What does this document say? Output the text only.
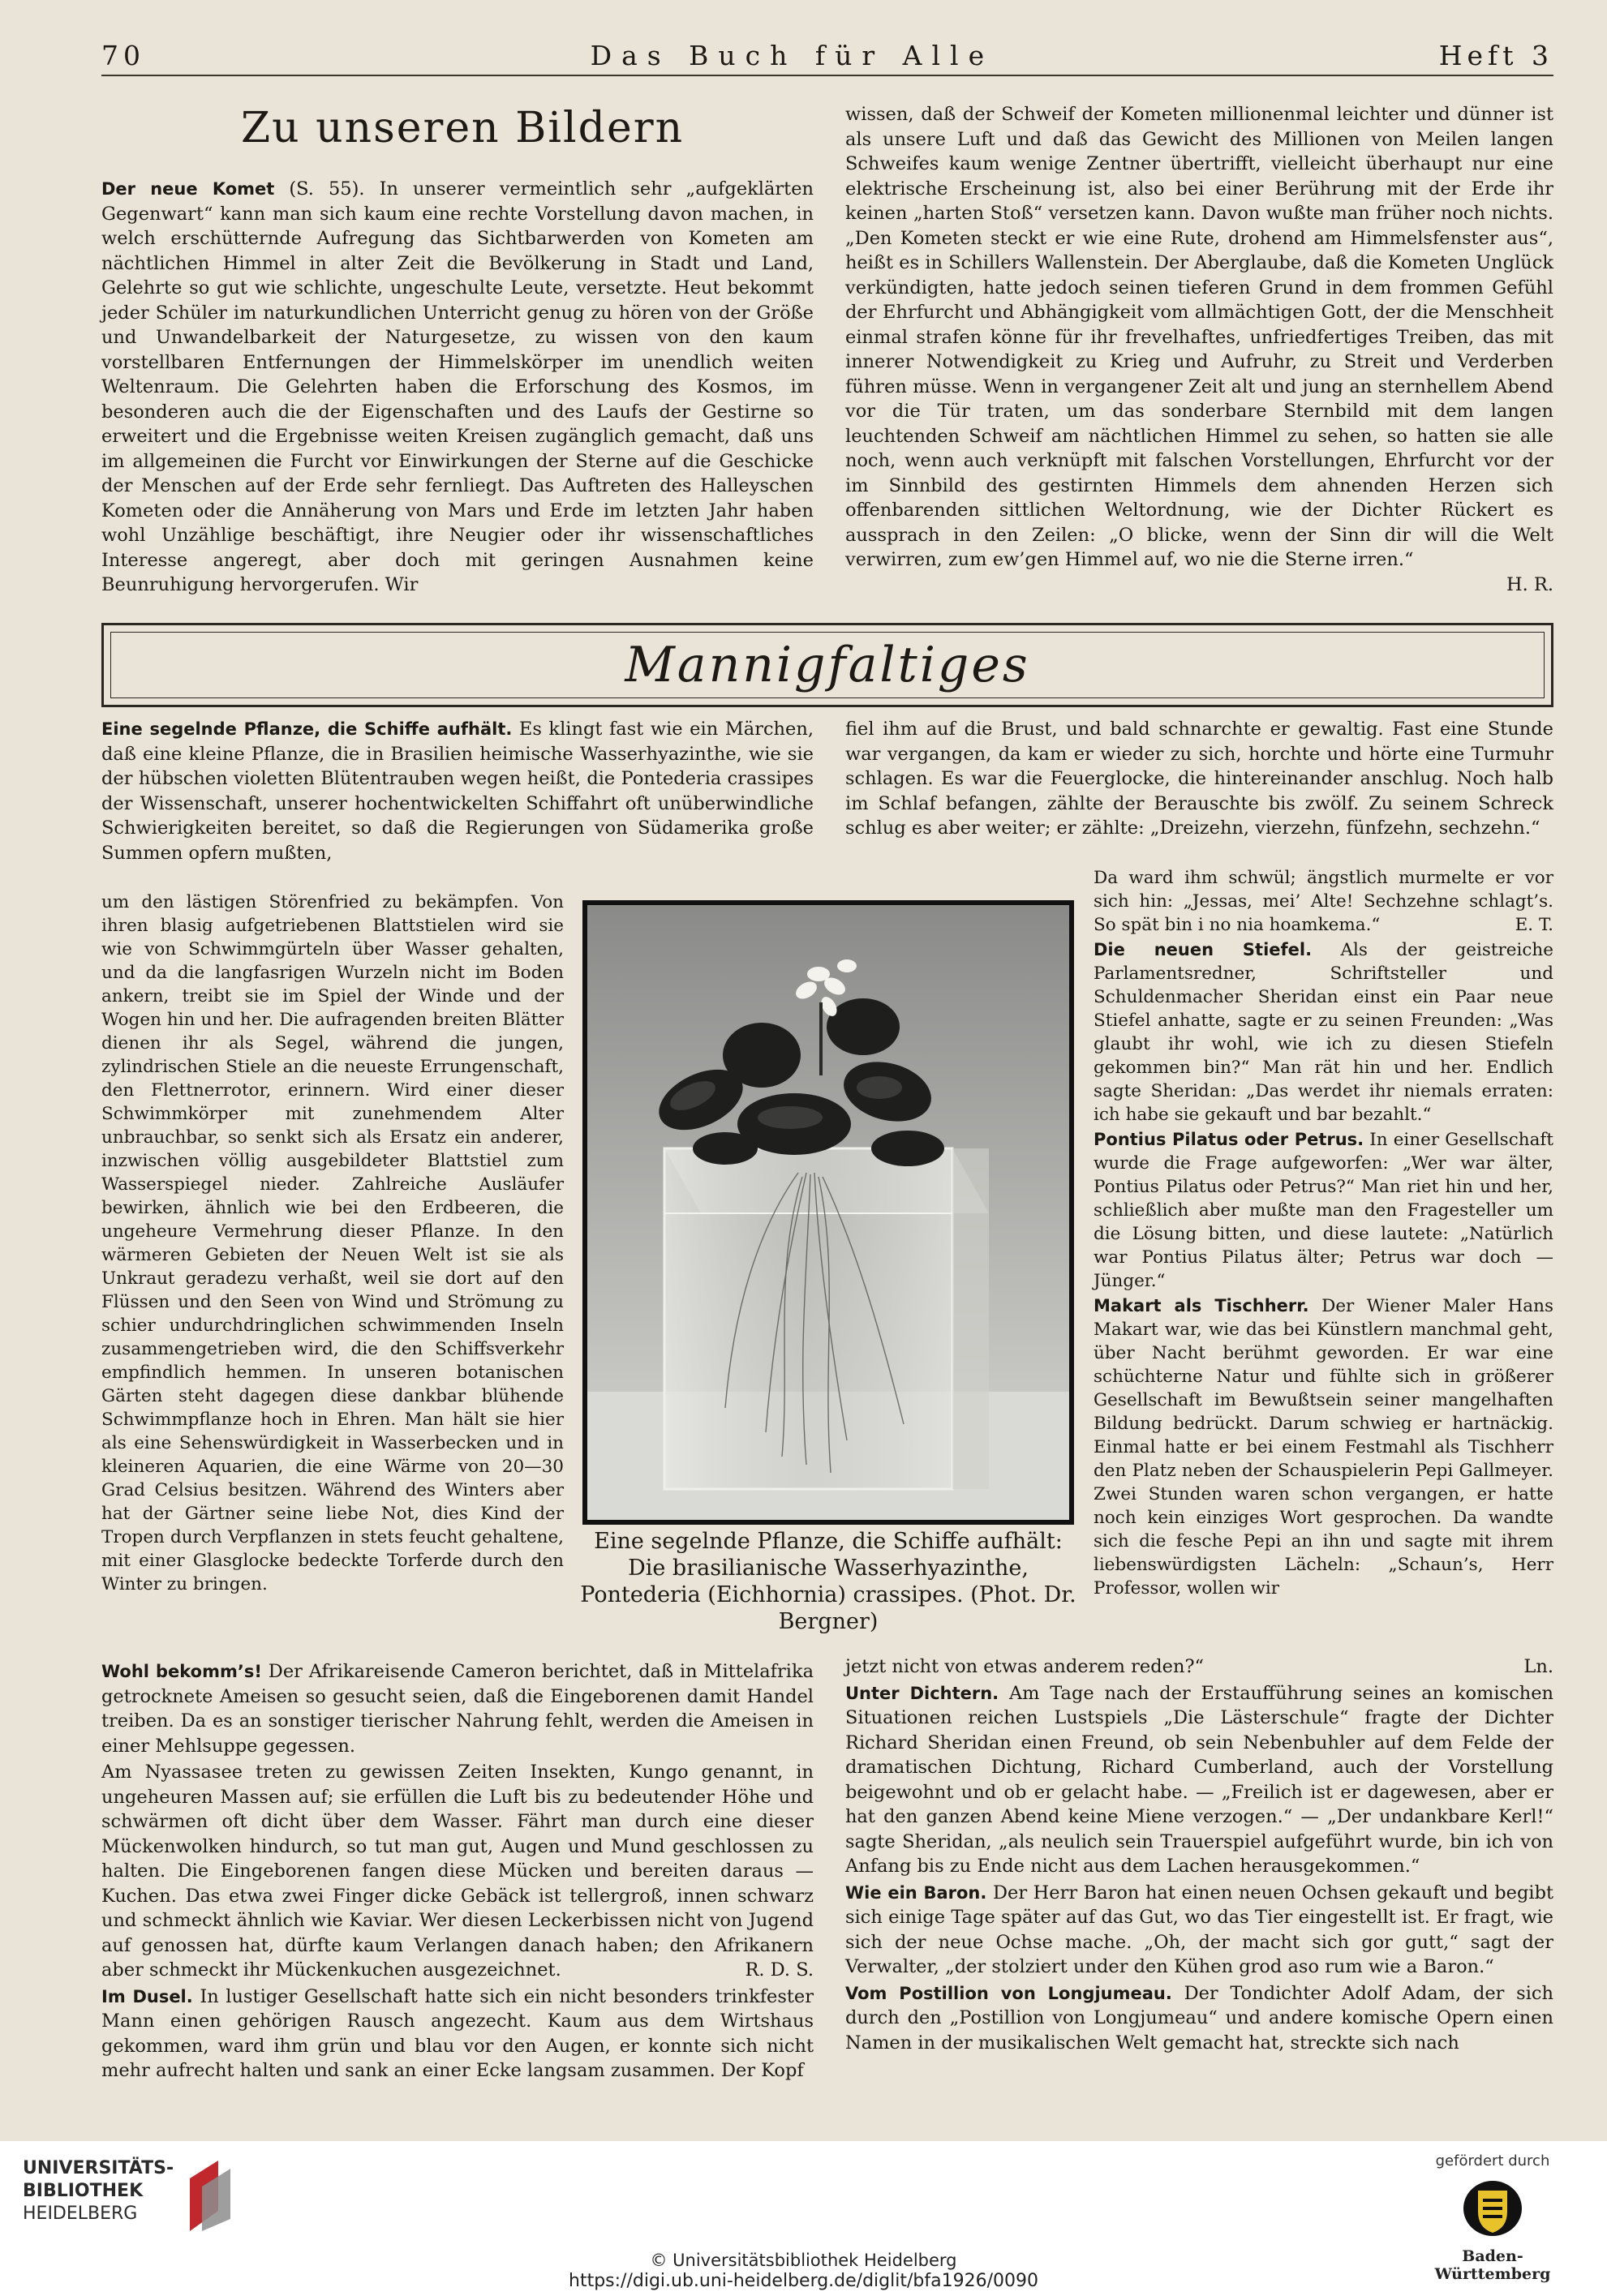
70	Das Buch für Alle	Heft 3
Zu unseren Bildern

Der neue Komet (S. 55). In unserer vermeintlich sehr „aufgeklärten Gegenwart“ kann man sich kaum eine rechte Vorstellung davon machen, in welch erschütternde Aufregung das Sichtbarwerden von Kometen am nächtlichen Himmel in alter Zeit die Bevölkerung in Stadt und Land, Gelehrte so gut wie schlichte, ungeschulte Leute, versetzte. Heut bekommt jeder Schüler im naturkundlichen Unterricht genug zu hören von der Größe und Unwandelbarkeit der Naturgesetze, zu wissen von den kaum vorstellbaren Entfernungen der Himmelskörper im unendlich weiten Weltenraum. Die Gelehrten haben die Erforschung des Kosmos, im besonderen auch die der Eigenschaften und des Laufs der Gestirne so erweitert und die Ergebnisse weiten Kreisen zugänglich gemacht, daß uns im allgemeinen die Furcht vor Einwirkungen der Sterne auf die Geschicke der Menschen auf der Erde sehr fernliegt. Das Auftreten des Halleyschen Kometen oder die Annäherung von Mars und Erde im letzten Jahr haben wohl Unzählige beschäftigt, ihre Neugier oder ihr wissenschaftliches Interesse angeregt, aber doch mit geringen Ausnahmen keine Beunruhigung hervorgerufen. Wir

wissen, daß der Schweif der Kometen millionenmal leichter und dünner ist als unsere Luft und daß das Gewicht des Millionen von Meilen langen Schweifes kaum wenige Zentner übertrifft, vielleicht überhaupt nur eine elektrische Erscheinung ist, also bei einer Berührung mit der Erde ihr keinen „harten Stoß“ versetzen kann. Davon wußte man früher noch nichts. „Den Kometen steckt er wie eine Rute, drohend am Himmelsfenster aus“, heißt es in Schillers Wallenstein. Der Aberglaube, daß die Kometen Unglück verkündigten, hatte jedoch seinen tieferen Grund in dem frommen Gefühl der Ehrfurcht und Abhängigkeit vom allmächtigen Gott, der die Menschheit einmal strafen könne für ihr frevelhaftes, unfriedfertiges Treiben, das mit innerer Notwendigkeit zu Krieg und Aufruhr, zu Streit und Verderben führen müsse. Wenn in vergangener Zeit alt und jung an sternhellem Abend vor die Tür traten, um das sonderbare Sternbild mit dem langen leuchtenden Schweif am nächtlichen Himmel zu sehen, so hatten sie alle noch, wenn auch verknüpft mit falschen Vorstellungen, Ehrfurcht vor der im Sinnbild des gestirnten Himmels dem ahnenden Herzen sich offenbarenden sittlichen Weltordnung, wie der Dichter Rückert es aussprach in den Zeilen: „O blicke, wenn der Sinn dir will die Welt verwirren, zum ew’gen Himmel auf, wo nie die Sterne irren.“
H. R.

Mannigfaltiges

Eine segelnde Pflanze, die Schiffe aufhält. Es klingt fast wie ein Märchen, daß eine kleine Pflanze, die in Brasilien heimische Wasserhyazinthe, wie sie der hübschen violetten Blütentrauben wegen heißt, die Pontederia crassipes der Wissenschaft, unserer hochentwickelten Schiffahrt oft unüberwindliche Schwierigkeiten bereitet, so daß die Regierungen von Südamerika große Summen opfern mußten,

um den lästigen Störenfried zu bekämpfen. Von ihren blasig aufgetriebenen Blattstielen wird sie wie von Schwimmgürteln über Wasser gehalten, und da die langfasrigen Wurzeln nicht im Boden ankern, treibt sie im Spiel der Winde und der Wogen hin und her. Die aufragenden breiten Blätter dienen ihr als Segel, während die jungen, zylindrischen Stiele an die neueste Errungenschaft, den Flettnerrotor, erinnern. Wird einer dieser Schwimmkörper mit zunehmendem Alter unbrauchbar, so senkt sich als Ersatz ein anderer, inzwischen völlig ausgebildeter Blattstiel zum Wasserspiegel nieder. Zahlreiche Ausläufer bewirken, ähnlich wie bei den Erdbeeren, die ungeheure Vermehrung dieser Pflanze. In den wärmeren Gebieten der Neuen Welt ist sie als Unkraut geradezu verhaßt, weil sie dort auf den Flüssen und den Seen von Wind und Strömung zu schier undurchdringlichen schwimmenden Inseln zusammengetrieben wird, die den Schiffsverkehr empfindlich hemmen. In unseren botanischen Gärten steht dagegen diese dankbar blühende Schwimmpflanze hoch in Ehren. Man hält sie hier als eine Sehenswürdigkeit in Wasserbecken und in kleineren Aquarien, die eine Wärme von 20—30 Grad Celsius besitzen. Während des Winters aber hat der Gärtner seine liebe Not, dies Kind der Tropen durch Verpflanzen in stets feucht gehaltene, mit einer Glasglocke bedeckte Torferde durch den Winter zu bringen.

Wohl bekomm’s! Der Afrikareisende Cameron berichtet, daß in Mittelafrika getrocknete Ameisen so gesucht seien, daß die Eingeborenen damit Handel treiben. Da es an sonstiger tierischer Nahrung fehlt, werden die Ameisen in einer Mehlsuppe gegessen.

Am Nyassasee treten zu gewissen Zeiten Insekten, Kungo genannt, in ungeheuren Massen auf; sie erfüllen die Luft bis zu bedeutender Höhe und schwärmen oft dicht über dem Wasser. Fährt man durch eine dieser Mückenwolken hindurch, so tut man gut, Augen und Mund geschlossen zu halten. Die Eingeborenen fangen diese Mücken und bereiten daraus — Kuchen. Das etwa zwei Finger dicke Gebäck ist tellergroß, innen schwarz und schmeckt ähnlich wie Kaviar. Wer diesen Leckerbissen nicht von Jugend auf genossen hat, dürfte kaum Verlangen danach haben; den Afrikanern aber schmeckt ihr Mückenkuchen ausgezeichnet.	R. D. S.

Im Dusel. In lustiger Gesellschaft hatte sich ein nicht besonders trinkfester Mann einen gehörigen Rausch angezecht. Kaum aus dem Wirtshaus gekommen, ward ihm grün und blau vor den Augen, er konnte sich nicht mehr aufrecht halten und sank an einer Ecke langsam zusammen. Der Kopf

fiel ihm auf die Brust, und bald schnarchte er gewaltig. Fast eine Stunde war vergangen, da kam er wieder zu sich, horchte und hörte eine Turmuhr schlagen. Es war die Feuerglocke, die hintereinander anschlug. Noch halb im Schlaf befangen, zählte der Berauschte bis zwölf. Zu seinem Schreck schlug es aber weiter; er zählte: „Dreizehn, vierzehn, fünfzehn, sechzehn.“

Da ward ihm schwül; ängstlich murmelte er vor sich hin: „Jessas, mei’ Alte! Sechzehne schlagt’s. So spät bin i no nia hoamkema.“	E. T.

Die neuen Stiefel. Als der geistreiche Parlamentsredner, Schriftsteller und Schuldenmacher Sheridan einst ein Paar neue Stiefel anhatte, sagte er zu seinen Freunden: „Was glaubt ihr wohl, wie ich zu diesen Stiefeln gekommen bin?“ Man rät hin und her. Endlich sagte Sheridan: „Das werdet ihr niemals erraten: ich habe sie gekauft und bar bezahlt.“

Pontius Pilatus oder Petrus. In einer Gesellschaft wurde die Frage aufgeworfen: „Wer war älter, Pontius Pilatus oder Petrus?“ Man riet hin und her, schließlich aber mußte man den Fragesteller um die Lösung bitten, und diese lautete: „Natürlich war Pontius Pilatus älter; Petrus war doch — Jünger.“

Makart als Tischherr. Der Wiener Maler Hans Makart war, wie das bei Künstlern manchmal geht, über Nacht berühmt geworden. Er war eine schüchterne Natur und fühlte sich in größerer Gesellschaft im Bewußtsein seiner mangelhaften Bildung bedrückt. Darum schwieg er hartnäckig. Einmal hatte er bei einem Festmahl als Tischherr den Platz neben der Schauspielerin Pepi Gallmeyer. Zwei Stunden waren schon vergangen, er hatte noch kein einziges Wort gesprochen. Da wandte sich die fesche Pepi an ihn und sagte mit ihrem liebenswürdigsten Lächeln: „Schaun’s, Herr Professor, wollen wir

jetzt nicht von etwas anderem reden?“	Ln.

Unter Dichtern. Am Tage nach der Erstaufführung seines an komischen Situationen reichen Lustspiels „Die Lästerschule“ fragte der Dichter Richard Sheridan einen Freund, ob sein Nebenbuhler auf dem Felde der dramatischen Dichtung, Richard Cumberland, auch der Vorstellung beigewohnt und ob er gelacht habe. — „Freilich ist er dagewesen, aber er hat den ganzen Abend keine Miene verzogen.“ — „Der undankbare Kerl!“ sagte Sheridan, „als neulich sein Trauerspiel aufgeführt wurde, bin ich von Anfang bis zu Ende nicht aus dem Lachen herausgekommen.“

Wie ein Baron. Der Herr Baron hat einen neuen Ochsen gekauft und begibt sich einige Tage später auf das Gut, wo das Tier eingestellt ist. Er fragt, wie sich der neue Ochse mache. „Oh, der macht sich gor gutt,“ sagt der Verwalter, „der stolziert under den Kühen grod aso rum wie a Baron.“

Vom Postillion von Longjumeau. Der Tondichter Adolf Adam, der sich durch den „Postillion von Longjumeau“ und andere komische Opern einen Namen in der musikalischen Welt gemacht hat, streckte sich nach

Eine segelnde Pflanze, die Schiffe aufhält: Die brasilianische Wasserhyazinthe, Pontederia (Eichhornia) crassipes. (Phot. Dr. Bergner)
UNIVERSITÄTS-
BIBLIOTHEK
HEIDELBERG
© Universitätsbibliothek Heidelberg
https://digi.ub.uni-heidelberg.de/diglit/bfa1926/0090
gefördert durch
Baden-Württemberg
